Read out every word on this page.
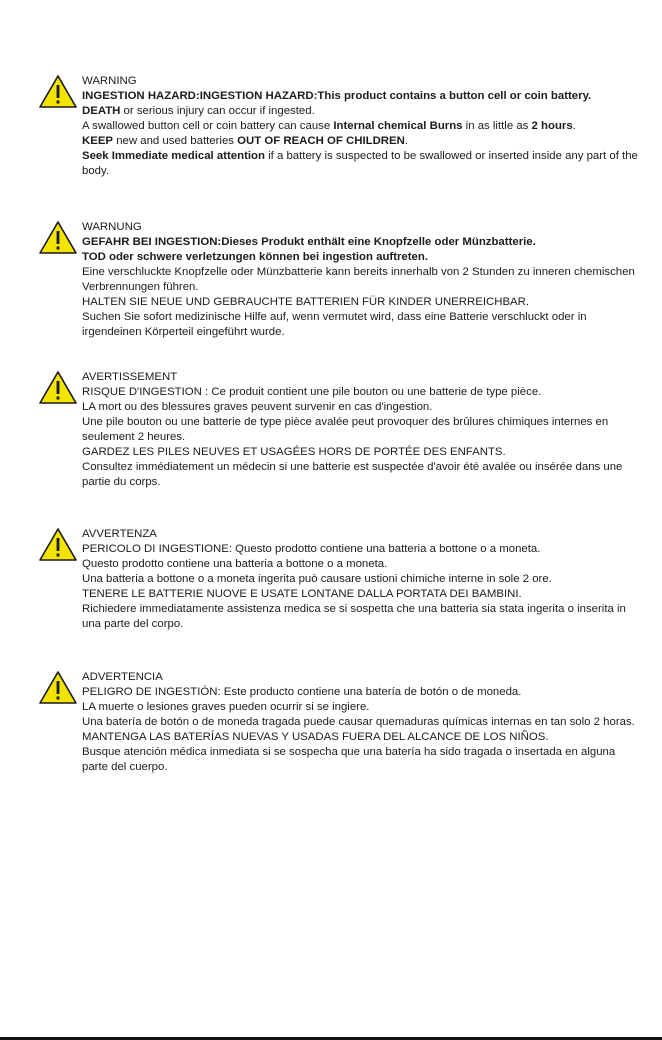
WARNING
INGESTION HAZARD:INGESTION HAZARD:This product contains a button cell or coin battery.
DEATH or serious injury can occur if ingested.
A swallowed button cell or coin battery can cause Internal chemical Burns in as little as 2 hours.
KEEP new and used batteries OUT OF REACH OF CHILDREN.
Seek Immediate medical attention if a battery is suspected to be swallowed or inserted inside any part of the body.
WARNUNG
GEFAHR BEI INGESTION:Dieses Produkt enthält eine Knopfzelle oder Münzbatterie.
TOD oder schwere verletzungen können bei ingestion auftreten.
Eine verschluckte Knopfzelle oder Münzbatterie kann bereits innerhalb von 2 Stunden zu inneren chemischen Verbrennungen führen.
HALTEN SIE NEUE UND GEBRAUCHTE BATTERIEN FÜR KINDER UNERREICHBAR.
Suchen Sie sofort medizinische Hilfe auf, wenn vermutet wird, dass eine Batterie verschluckt oder in irgendeinen Körperteil eingeführt wurde.
AVERTISSEMENT
RISQUE D'INGESTION : Ce produit contient une pile bouton ou une batterie de type pièce.
LA mort ou des blessures graves peuvent survenir en cas d'ingestion.
Une pile bouton ou une batterie de type pièce avalée peut provoquer des brûlures chimiques internes en seulement 2 heures.
GARDEZ LES PILES NEUVES ET USAGÉES HORS DE PORTÉE DES ENFANTS.
Consultez immédiatement un médecin si une batterie est suspectée d'avoir été avalée ou insérée dans une partie du corps.
AVVERTENZA
PERICOLO DI INGESTIONE: Questo prodotto contiene una batteria a bottone o a moneta.
Questo prodotto contiene una batteria a bottone o a moneta.
Una batteria a bottone o a moneta ingerita può causare ustioni chimiche interne in sole 2 ore.
TENERE LE BATTERIE NUOVE E USATE LONTANE DALLA PORTATA DEI BAMBINI.
Richiedere immediatamente assistenza medica se si sospetta che una batteria sia stata ingerita o inserita in una parte del corpo.
ADVERTENCIA
PELIGRO DE INGESTIÓN: Este producto contiene una batería de botón o de moneda.
LA muerte o lesiones graves pueden ocurrir si se ingiere.
Una batería de botón o de moneda tragada puede causar quemaduras químicas internas en tan solo 2 horas.
MANTENGA LAS BATERÍAS NUEVAS Y USADAS FUERA DEL ALCANCE DE LOS NIÑOS.
Busque atención médica inmediata si se sospecha que una batería ha sido tragada o insertada en alguna parte del cuerpo.
